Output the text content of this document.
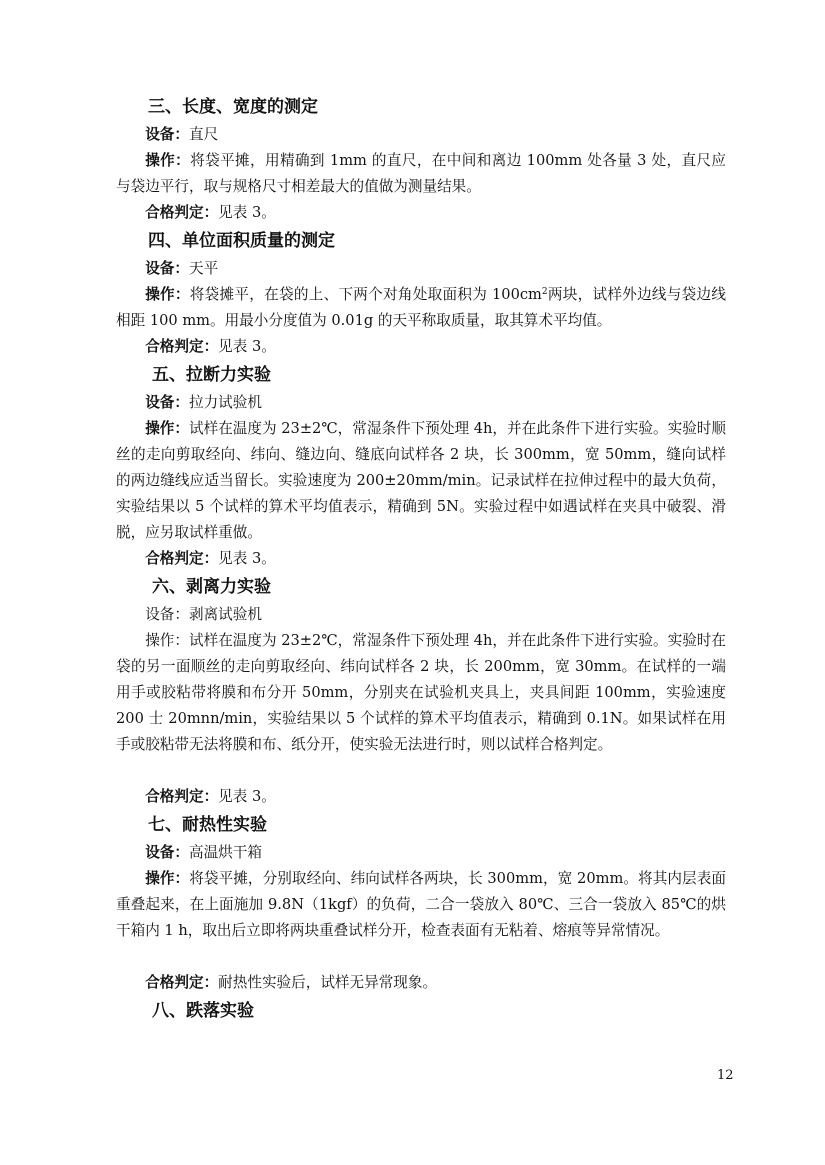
三、长度、宽度的测定
设备：直尺
操作：将袋平摊，用精确到 1mm 的直尺，在中间和离边 100mm 处各量 3 处，直尺应与袋边平行，取与规格尺寸相差最大的值做为测量结果。
合格判定：见表 3。
四、单位面积质量的测定
设备：天平
操作：将袋摊平，在袋的上、下两个对角处取面积为 $100cm^2$两块，试样外边线与袋边线相距 100 mm。用最小分度值为 0.01g 的天平称取质量，取其算术平均值。
合格判定：见表 3。
五、拉断力实验
设备：拉力试验机
操作：试样在温度为 23±2℃，常湿条件下预处理 4h，并在此条件下进行实验。实验时顺丝的走向剪取经向、纬向、缝边向、缝底向试样各 2 块，长 300mm，宽 50mm，缝向试样的两边缝线应适当留长。实验速度为 200±20mm/min。记录试样在拉伸过程中的最大负荷，实验结果以 5 个试样的算术平均值表示，精确到 5N。实验过程中如遇试样在夹具中破裂、滑脱，应另取试样重做。
合格判定：见表 3。
六、剥离力实验
设备：剥离试验机
操作：试样在温度为 23±2℃，常湿条件下预处理 4h，并在此条件下进行实验。实验时在袋的另一面顺丝的走向剪取经向、纬向试样各 2 块，长 200mm，宽 30mm。在试样的一端用手或胶粘带将膜和布分开 50mm，分别夹在试验机夹具上，夹具间距 100mm，实验速度 200 士 20mnn/min，实验结果以 5 个试样的算术平均值表示，精确到 0.1N。如果试样在用手或胶粘带无法将膜和布、纸分开，使实验无法进行时，则以试样合格判定。
合格判定：见表 3。
七、耐热性实验
设备：高温烘干箱
操作：将袋平摊，分别取经向、纬向试样各两块，长 300mm，宽 20mm。将其内层表面重叠起来，在上面施加 9.8N（1kgf）的负荷，二合一袋放入 80℃、三合一袋放入 85℃的烘干箱内 1 h，取出后立即将两块重叠试样分开，检查表面有无粘着、熔痕等异常情况。
合格判定：耐热性实验后，试样无异常现象。
八、跌落实验
12
